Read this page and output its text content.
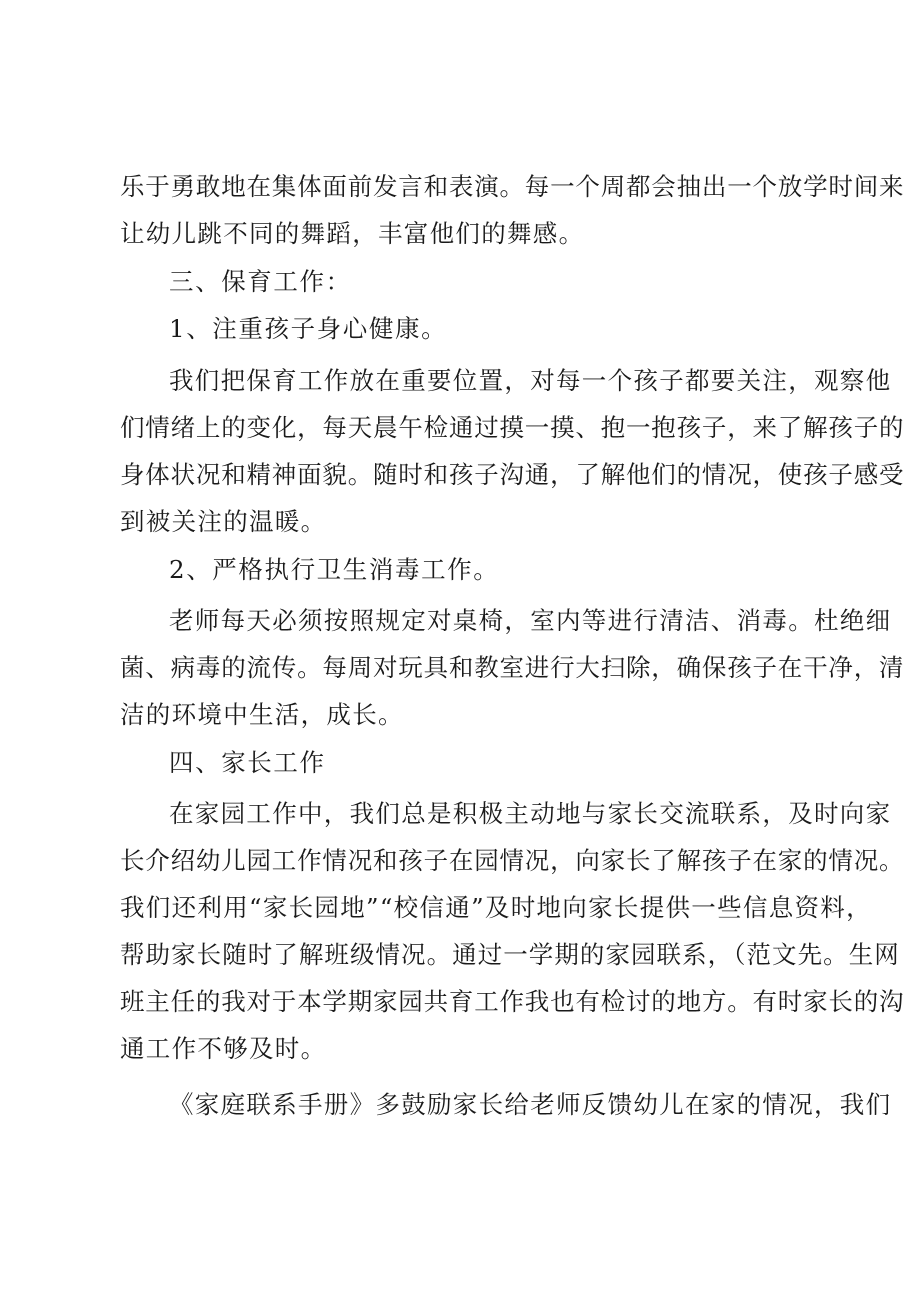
乐于勇敢地在集体面前发言和表演。每一个周都会抽出一个放学时间来
让幼儿跳不同的舞蹈，丰富他们的舞感。
三、保育工作：
1、注重孩子身心健康。
我们把保育工作放在重要位置，对每一个孩子都要关注，观察他
们情绪上的变化，每天晨午检通过摸一摸、抱一抱孩子，来了解孩子的
身体状况和精神面貌。随时和孩子沟通，了解他们的情况，使孩子感受
到被关注的温暖。
2、严格执行卫生消毒工作。
老师每天必须按照规定对桌椅，室内等进行清洁、消毒。杜绝细
菌、病毒的流传。每周对玩具和教室进行大扫除，确保孩子在干净，清
洁的环境中生活，成长。
四、家长工作
在家园工作中，我们总是积极主动地与家长交流联系，及时向家
长介绍幼儿园工作情况和孩子在园情况，向家长了解孩子在家的情况。
我们还利用“家长园地”“校信通”及时地向家长提供一些信息资料，
帮助家长随时了解班级情况。通过一学期的家园联系，（范文先。生网
班主任的我对于本学期家园共育工作我也有检讨的地方。有时家长的沟
通工作不够及时。
《家庭联系手册》多鼓励家长给老师反馈幼儿在家的情况，我们
